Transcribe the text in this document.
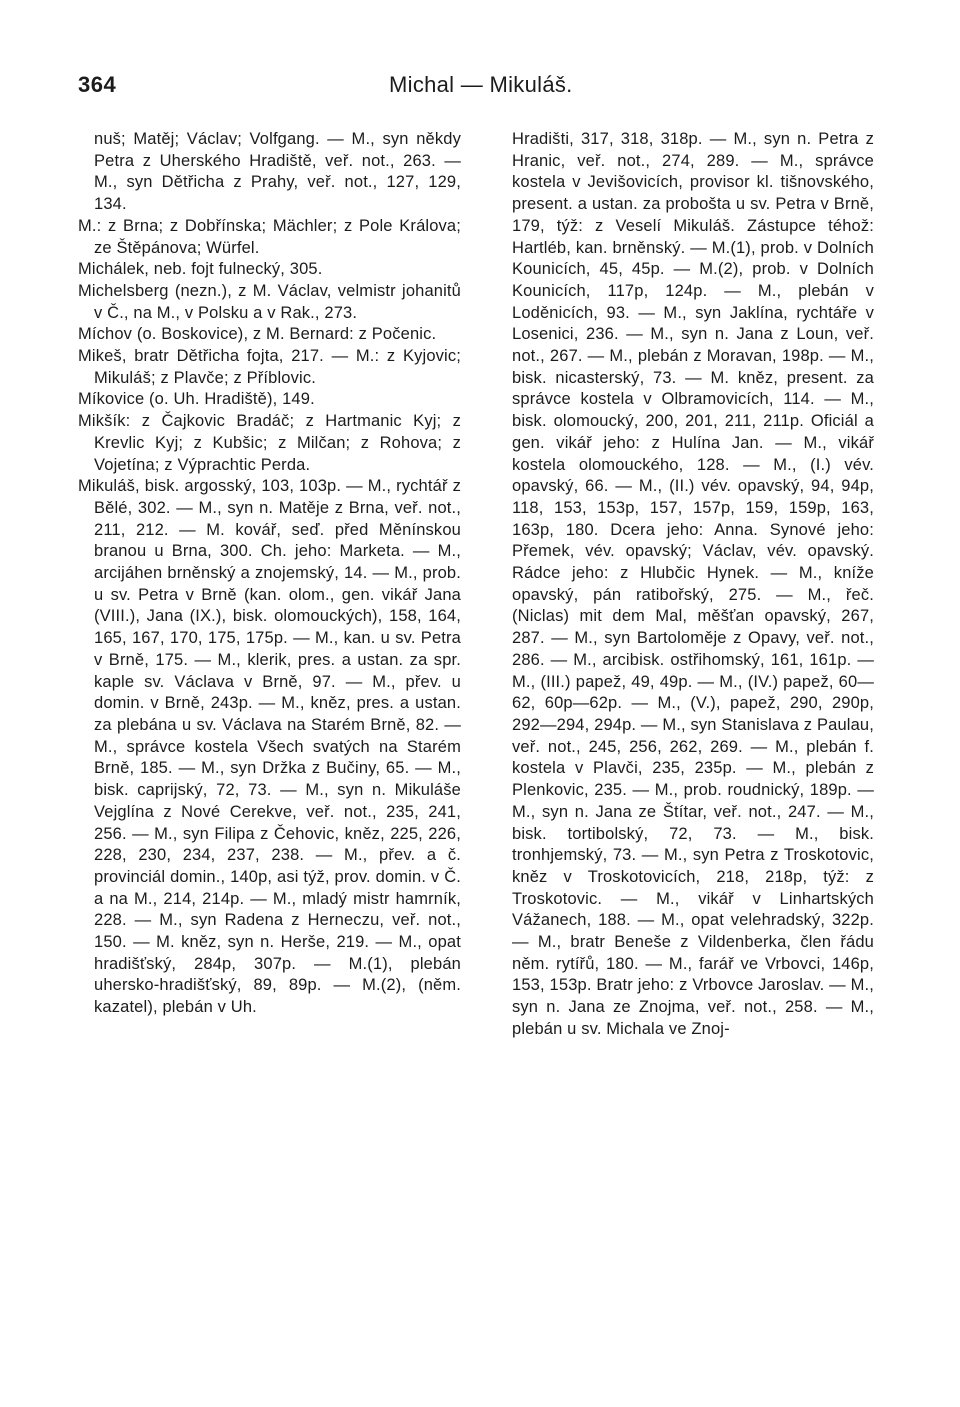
364	Michal — Mikuláš.

nuš; Matěj; Václav; Volfgang. — M., syn někdy Petra z Uherského Hradiště, veř. not., 263. — M., syn Dětřicha z Prahy, veř. not., 127, 129, 134.

M.: z Brna; z Dobřínska; Mächler; z Pole Králova; ze Štěpánova; Würfel.

Michálek, neb. fojt fulnecký, 305.

Michelsberg (nezn.), z M. Václav, velmistr johanitů v Č., na M., v Polsku a v Rak., 273.

Míchov (o. Boskovice), z M. Bernard: z Počenic.

Mikeš, bratr Dětřicha fojta, 217. — M.: z Kyjovic; Mikuláš; z Plavče; z Příblovic.

Míkovice (o. Uh. Hradiště), 149.

Mikšík: z Čajkovic Bradáč; z Hartmanic Kyj; z Krevlic Kyj; z Kubšic; z Milčan; z Rohova; z Vojetína; z Výprachtic Perda.

Mikuláš, bisk. argosský, 103, 103p. — M., rychtář z Bělé, 302. — M., syn n. Matěje z Brna, veř. not., 211, 212. — M. kovář, seď. před Měnínskou branou u Brna, 300. Ch. jeho: Marketa. — M., arcijáhen brněnský a znojemský, 14. — M., prob. u sv. Petra v Brně (kan. olom., gen. vikář Jana (VIII.), Jana (IX.), bisk. olomouckých), 158, 164, 165, 167, 170, 175, 175p. — M., kan. u sv. Petra v Brně, 175. — M., klerik, pres. a ustan. za spr. kaple sv. Václava v Brně, 97. — M., přev. u domin. v Brně, 243p. — M., kněz, pres. a ustan. za plebána u sv. Václava na Starém Brně, 82. — M., správce kostela Všech svatých na Starém Brně, 185. — M., syn Držka z Bučiny, 65. — M., bisk. caprijský, 72, 73. — M., syn n. Mikuláše Vejglína z Nové Cerekve, veř. not., 235, 241, 256. — M., syn Filipa z Čehovic, kněz, 225, 226, 228, 230, 234, 237, 238. — M., přev. a č. provinciál domin., 140p, asi týž, prov. domin. v Č. a na M., 214, 214p. — M., mladý mistr hamrník, 228. — M., syn Radena z Herneczu, veř. not., 150. — M. kněz, syn n. Herše, 219. — M., opat hradišťský, 284p, 307p. — M.(1), plebán uhersko-hradišťský, 89, 89p. — M.(2), (něm. kazatel), plebán v Uh.

Hradišti, 317, 318, 318p. — M., syn n. Petra z Hranic, veř. not., 274, 289. — M., správce kostela v Jevišovicích, provisor kl. tišnovského, present. a ustan. za probošta u sv. Petra v Brně, 179, týž: z Veselí Mikuláš. Zástupce téhož: Hartléb, kan. brněnský. — M.(1), prob. v Dolních Kounicích, 45, 45p. — M.(2), prob. v Dolních Kounicích, 117p, 124p. — M., plebán v Loděnicích, 93. — M., syn Jaklína, rychtáře v Losenici, 236. — M., syn n. Jana z Loun, veř. not., 267. — M., plebán z Moravan, 198p. — M., bisk. nicasterský, 73. — M. kněz, present. za správce kostela v Olbramovicích, 114. — M., bisk. olomoucký, 200, 201, 211, 211p. Oficiál a gen. vikář jeho: z Hulína Jan. — M., vikář kostela olomouckého, 128. — M., (I.) vév. opavský, 66. — M., (II.) vév. opavský, 94, 94p, 118, 153, 153p, 157, 157p, 159, 159p, 163, 163p, 180. Dcera jeho: Anna. Synové jeho: Přemek, vév. opavský; Václav, vév. opavský. Rádce jeho: z Hlubčic Hynek. — M., kníže opavský, pán ratibořský, 275. — M., řeč. (Niclas) mit dem Mal, měšťan opavský, 267, 287. — M., syn Bartoloměje z Opavy, veř. not., 286. — M., arcibisk. ostřihomský, 161, 161p. — M., (III.) papež, 49, 49p. — M., (IV.) papež, 60—62, 60p—62p. — M., (V.), papež, 290, 290p, 292—294, 294p. — M., syn Stanislava z Paulau, veř. not., 245, 256, 262, 269. — M., plebán f. kostela v Plavči, 235, 235p. — M., plebán z Plenkovic, 235. — M., prob. roudnický, 189p. — M., syn n. Jana ze Štítar, veř. not., 247. — M., bisk. tortibolský, 72, 73. — M., bisk. tronhjemský, 73. — M., syn Petra z Troskotovic, kněz v Troskotovicích, 218, 218p, týž: z Troskotovic. — M., vikář v Linhartských Vážanech, 188. — M., opat velehradský, 322p. — M., bratr Beneše z Vildenberka, člen řádu něm. rytířů, 180. — M., farář ve Vrbovci, 146p, 153, 153p. Bratr jeho: z Vrbovce Jaroslav. — M., syn n. Jana ze Znojma, veř. not., 258. — M., plebán u sv. Michala ve Znoj-
